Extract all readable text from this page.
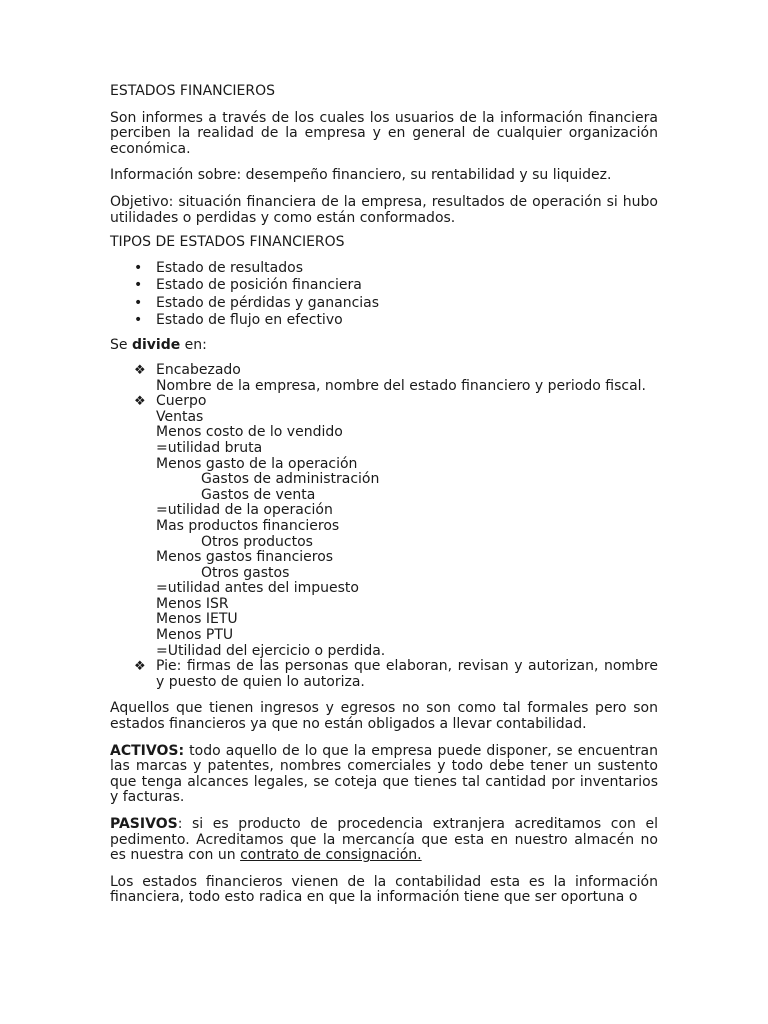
ESTADOS FINANCIEROS

Son informes a través de los cuales los usuarios de la información financiera perciben la realidad de la empresa y en general de cualquier organización económica.

Información sobre: desempeño financiero, su rentabilidad y su liquidez.

Objetivo: situación financiera de la empresa, resultados de operación si hubo utilidades o perdidas y como están conformados.

TIPOS DE ESTADOS FINANCIEROS

• Estado de resultados
• Estado de posición financiera
• Estado de pérdidas y ganancias
• Estado de flujo en efectivo

Se divide en:

❖ Encabezado
Nombre de la empresa, nombre del estado financiero y periodo fiscal.
❖ Cuerpo
Ventas
Menos costo de lo vendido
=utilidad bruta
Menos gasto de la operación
Gastos de administración
Gastos de venta
=utilidad de la operación
Mas productos financieros
Otros productos
Menos gastos financieros
Otros gastos
=utilidad antes del impuesto
Menos ISR
Menos IETU
Menos PTU
=Utilidad del ejercicio o perdida.
❖ Pie: firmas de las personas que elaboran, revisan y autorizan, nombre y puesto de quien lo autoriza.

Aquellos que tienen ingresos y egresos no son como tal formales pero son estados financieros ya que no están obligados a llevar contabilidad.

ACTIVOS: todo aquello de lo que la empresa puede disponer, se encuentran las marcas y patentes, nombres comerciales y todo debe tener un sustento que tenga alcances legales, se coteja que tienes tal cantidad por inventarios y facturas.

PASIVOS: si es producto de procedencia extranjera acreditamos con el pedimento. Acreditamos que la mercancía que esta en nuestro almacén no es nuestra con un contrato de consignación.

Los estados financieros vienen de la contabilidad esta es la información financiera, todo esto radica en que la información tiene que ser oportuna o
